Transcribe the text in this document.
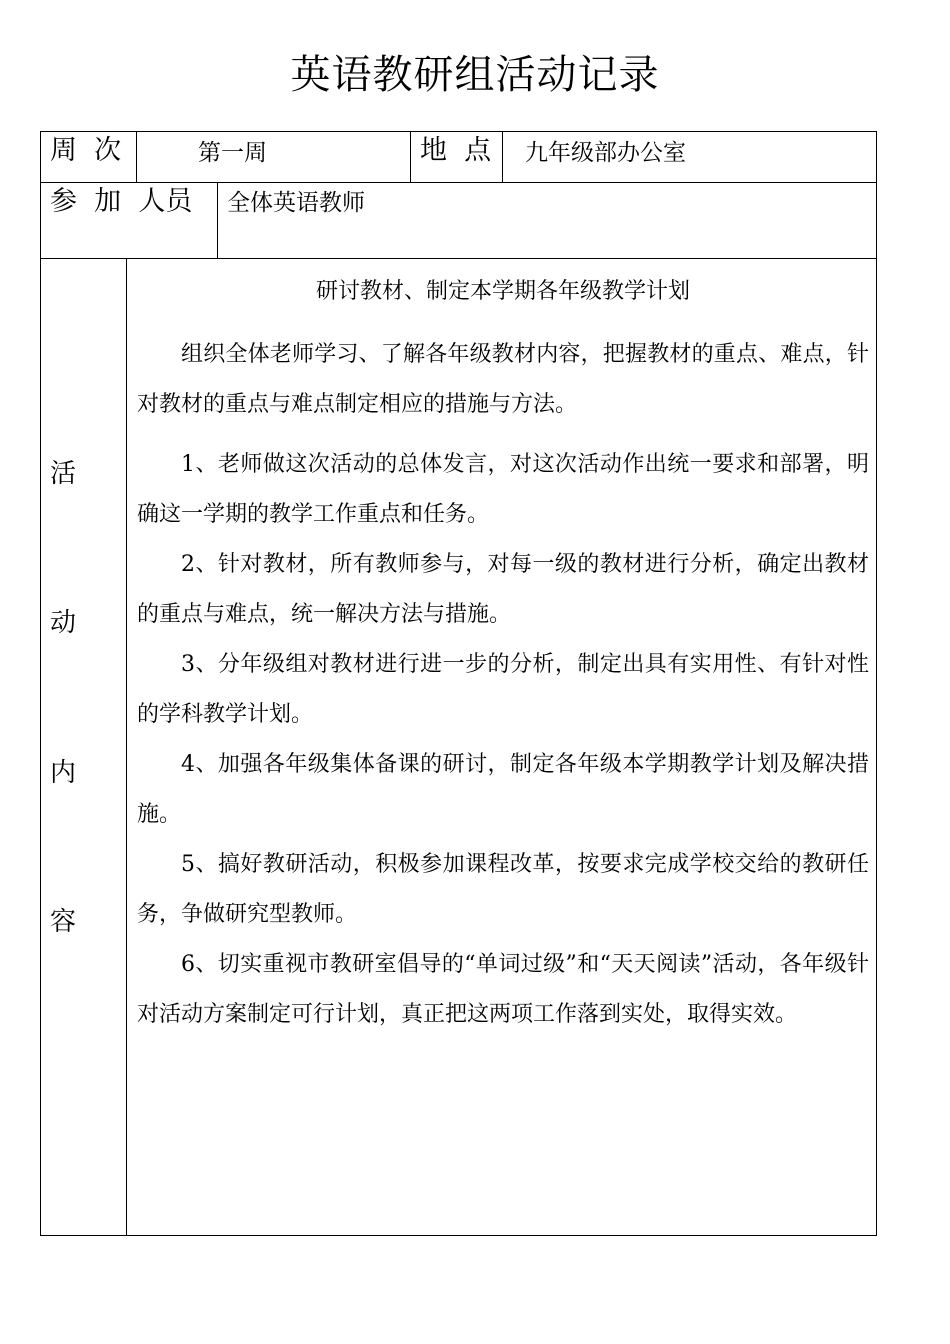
英语教研组活动记录
周  次	第一周	地  点 九年级部办公室
参  加  人员 全体英语教师
活
动
内
容
研讨教材、制定本学期各年级教学计划

组织全体老师学习、了解各年级教材内容，把握教材的重点、难点，针对教材的重点与难点制定相应的措施与方法。

1、老师做这次活动的总体发言，对这次活动作出统一要求和部署，明确这一学期的教学工作重点和任务。

2、针对教材，所有教师参与，对每一级的教材进行分析，确定出教材的重点与难点，统一解决方法与措施。

3、分年级组对教材进行进一步的分析，制定出具有实用性、有针对性的学科教学计划。

4、加强各年级集体备课的研讨，制定各年级本学期教学计划及解决措施。

5、搞好教研活动，积极参加课程改革，按要求完成学校交给的教研任务，争做研究型教师。

6、切实重视市教研室倡导的“单词过级”和“天天阅读”活动，各年级针对活动方案制定可行计划，真正把这两项工作落到实处，取得实效。
